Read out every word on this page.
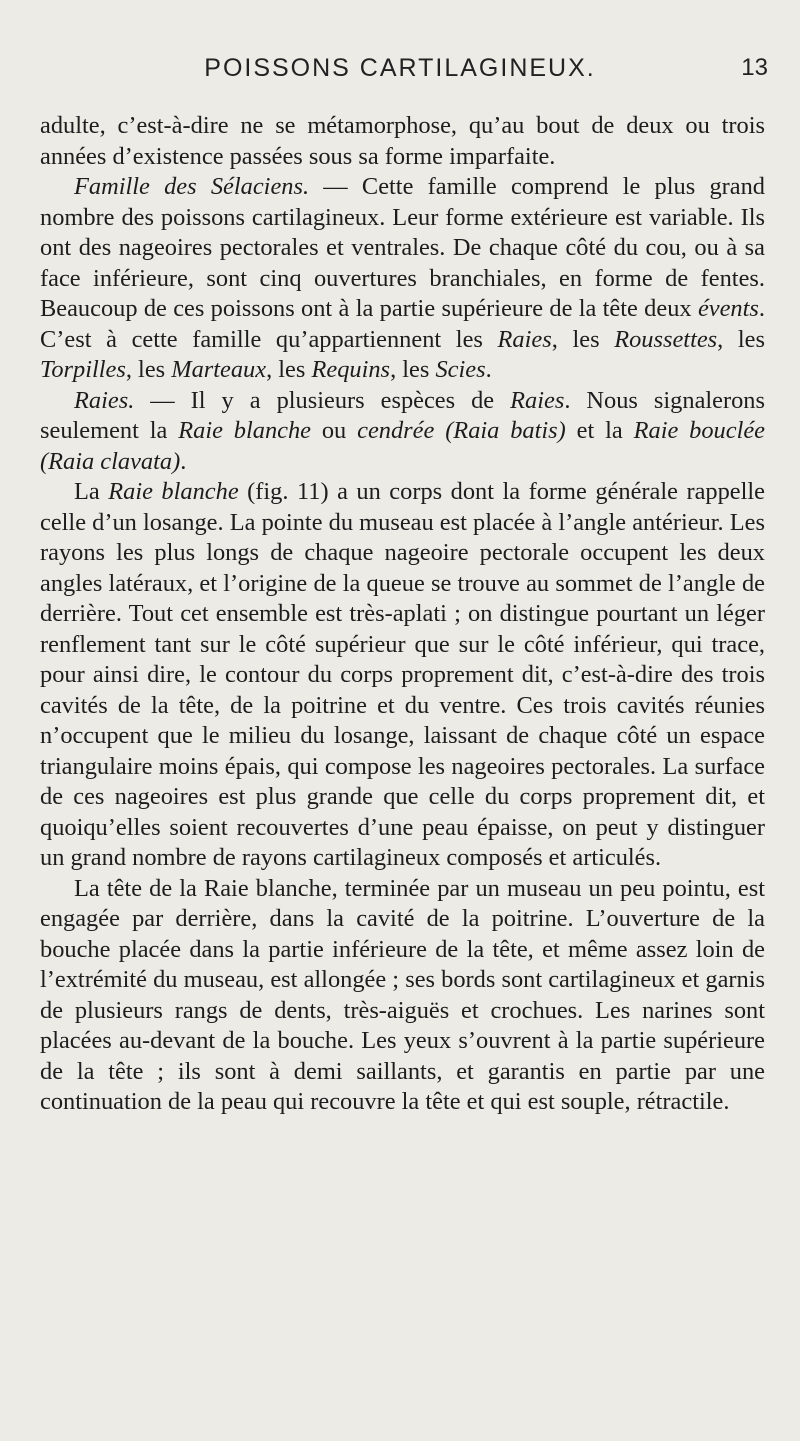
POISSONS CARTILAGINEUX.	13

adulte, c’est-à-dire ne se métamorphose, qu’au bout de deux ou trois années d’existence passées sous sa forme imparfaite.

Famille des Sélaciens. — Cette famille comprend le plus grand nombre des poissons cartilagineux. Leur forme extérieure est variable. Ils ont des nageoires pectorales et ventrales. De chaque côté du cou, ou à sa face inférieure, sont cinq ouvertures branchiales, en forme de fentes. Beaucoup de ces poissons ont à la partie supérieure de la tête deux évents. C’est à cette famille qu’appartiennent les Raies, les Roussettes, les Torpilles, les Marteaux, les Requins, les Scies.

Raies. — Il y a plusieurs espèces de Raies. Nous signalerons seulement la Raie blanche ou cendrée (Raia batis) et la Raie bouclée (Raia clavata).

La Raie blanche (fig. 11) a un corps dont la forme générale rappelle celle d’un losange. La pointe du museau est placée à l’angle antérieur. Les rayons les plus longs de chaque nageoire pectorale occupent les deux angles latéraux, et l’origine de la queue se trouve au sommet de l’angle de derrière. Tout cet ensemble est très-aplati ; on distingue pourtant un léger renflement tant sur le côté supérieur que sur le côté inférieur, qui trace, pour ainsi dire, le contour du corps proprement dit, c’est-à-dire des trois cavités de la tête, de la poitrine et du ventre. Ces trois cavités réunies n’occupent que le milieu du losange, laissant de chaque côté un espace triangulaire moins épais, qui compose les nageoires pectorales. La surface de ces nageoires est plus grande que celle du corps proprement dit, et quoiqu’elles soient recouvertes d’une peau épaisse, on peut y distinguer un grand nombre de rayons cartilagineux composés et articulés.

La tête de la Raie blanche, terminée par un museau un peu pointu, est engagée par derrière, dans la cavité de la poitrine. L’ouverture de la bouche placée dans la partie inférieure de la tête, et même assez loin de l’extrémité du museau, est allongée ; ses bords sont cartilagineux et garnis de plusieurs rangs de dents, très-aiguës et crochues. Les narines sont placées au-devant de la bouche. Les yeux s’ouvrent à la partie supérieure de la tête ; ils sont à demi saillants, et garantis en partie par une continuation de la peau qui recouvre la tête et qui est souple, rétractile.
